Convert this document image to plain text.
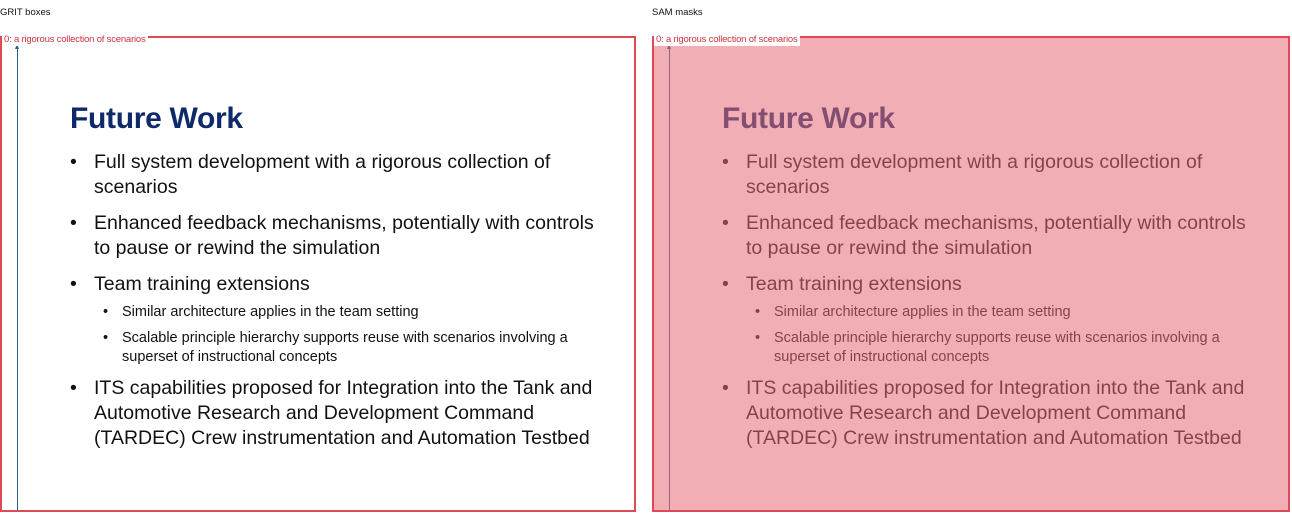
GRIT boxes
Future Work
• Full system development with a rigorous collection of scenarios
• Enhanced feedback mechanisms, potentially with controls to pause or rewind the simulation
• Team training extensions
• Similar architecture applies in the team setting
• Scalable principle hierarchy supports reuse with scenarios involving a superset of instructional concepts
• ITS capabilities proposed for Integration into the Tank and Automotive Research and Development Command (TARDEC) Crew instrumentation and Automation Testbed
0: a rigorous collection of scenarios
SAM masks
•
•
•
•
•
•
0: a rigorous collection of scenarios
